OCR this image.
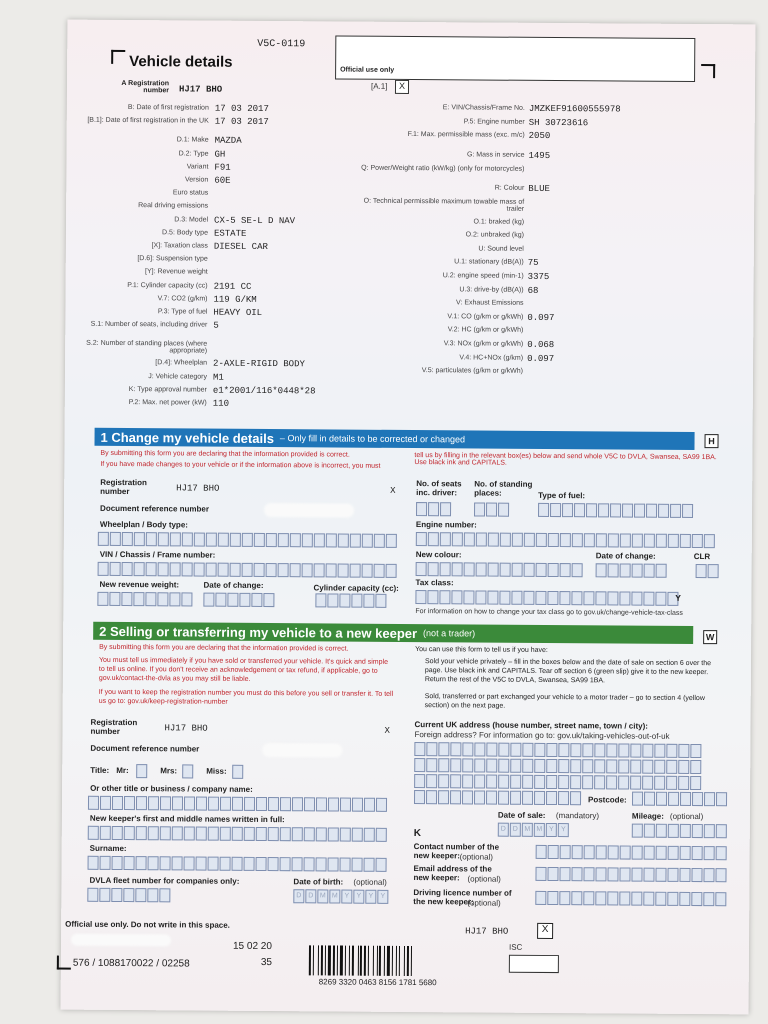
Vehicle details
V5C-0119
Official use only
A Registration number HJ17 BHO	[A.1]	X
B: Date of first registration 17 03 2017
[B.1]: Date of first registration in the UK 17 03 2017
D.1: Make MAZDA
D.2: Type GH
Variant F91
Version 60E
Euro status
Real driving emissions
D.3: Model CX-5 SE-L D NAV
D.5: Body type ESTATE
[X]: Taxation class DIESEL CAR
[D.6]: Suspension type
[Y]: Revenue weight
P.1: Cylinder capacity (cc) 2191 CC
V.7: CO2 (g/km) 119 G/KM
P.3: Type of fuel HEAVY OIL
S.1: Number of seats, including driver 5
S.2: Number of standing places (where appropriate)
[D.4]: Wheelplan 2-AXLE-RIGID BODY
J: Vehicle category M1
K: Type approval number e1*2001/116*0448*28
P.2: Max. net power (kW) 110
E: VIN/Chassis/Frame No. JMZKEF91600555978
P.5: Engine number SH 30723616
F.1: Max. permissible mass (exc. m/c) 2050
G: Mass in service 1495
Q: Power/Weight ratio (kW/kg) (only for motorcycles)
R: Colour BLUE
O: Technical permissible maximum towable mass of trailer
O.1: braked (kg)
O.2: unbraked (kg)
U: Sound level
U.1: stationary (dB(A)) 75
U.2: engine speed (min-1) 3375
U.3: drive-by (dB(A)) 68
V: Exhaust Emissions
V.1: CO (g/km or g/kWh) 0.097
V.2: HC (g/km or g/kWh)
V.3: NOx (g/km or g/kWh) 0.068
V.4: HC+NOx (g/km) 0.097
V.5: particulates (g/km or g/kWh)
1 Change my vehicle details – Only fill in details to be corrected or changed	H
By submitting this form you are declaring that the information provided is correct.
If you have made changes to your vehicle or if the information above is incorrect, you must
tell us by filling in the relevant box(es) below and send whole V5C to DVLA, Swansea, SA99 1BA. Use black ink and CAPITALS.
Registration number	HJ17 BHO	X
Document reference number
Wheelplan / Body type:
VIN / Chassis / Frame number:
New revenue weight:	Date of change:	Cylinder capacity (cc):
No. of seats inc. driver:
No. of standing places:	Type of fuel:
Engine number:
New colour:	Date of change:	CLR
Tax class:
Y
For information on how to change your tax class go to gov.uk/change-vehicle-tax-class
2 Selling or transferring my vehicle to a new keeper (not a trader)	W
By submitting this form you are declaring that the information provided is correct.
You must tell us immediately if you have sold or transferred your vehicle. It's quick and simple to tell us online. If you don't receive an acknowledgement or tax refund, if applicable, go to gov.uk/contact-the-dvla as you may still be liable.
If you want to keep the registration number you must do this before you sell or transfer it. To tell us go to: gov.uk/keep-registration-number
You can use this form to tell us if you have:
Sold your vehicle privately – fill in the boxes below and the date of sale on section 6 over the page. Use black ink and CAPITALS. Tear off section 6 (green slip) give it to the new keeper. Return the rest of the V5C to DVLA, Swansea, SA99 1BA.
Sold, transferred or part exchanged your vehicle to a motor trader – go to section 4 (yellow section) on the next page.
Registration number	HJ17 BHO	X
Document reference number
Title: Mr:	Mrs:	Miss:
Or other title or business / company name:
New keeper's first and middle names written in full:
Surname:
DVLA fleet number for companies only:	Date of birth: (optional)
D D M M Y	Y	Y	Y
Current UK address (house number, street name, town / city):
Foreign address? For information go to: gov.uk/taking-vehicles-out-of-uk
Postcode:
Date of sale: (mandatory)	Mileage: (optional)
K	D D M M Y	Y
Contact number of the new keeper: (optional)
Email address of the new keeper: (optional)
Driving licence number of the new keeper:
(optional)
Official use only. Do not write in this space.
576 / 1088170022 / 02258
15 02 20
35
8269 3320 0463 8156 1781 5680
HJ17 BHO	X
ISC
